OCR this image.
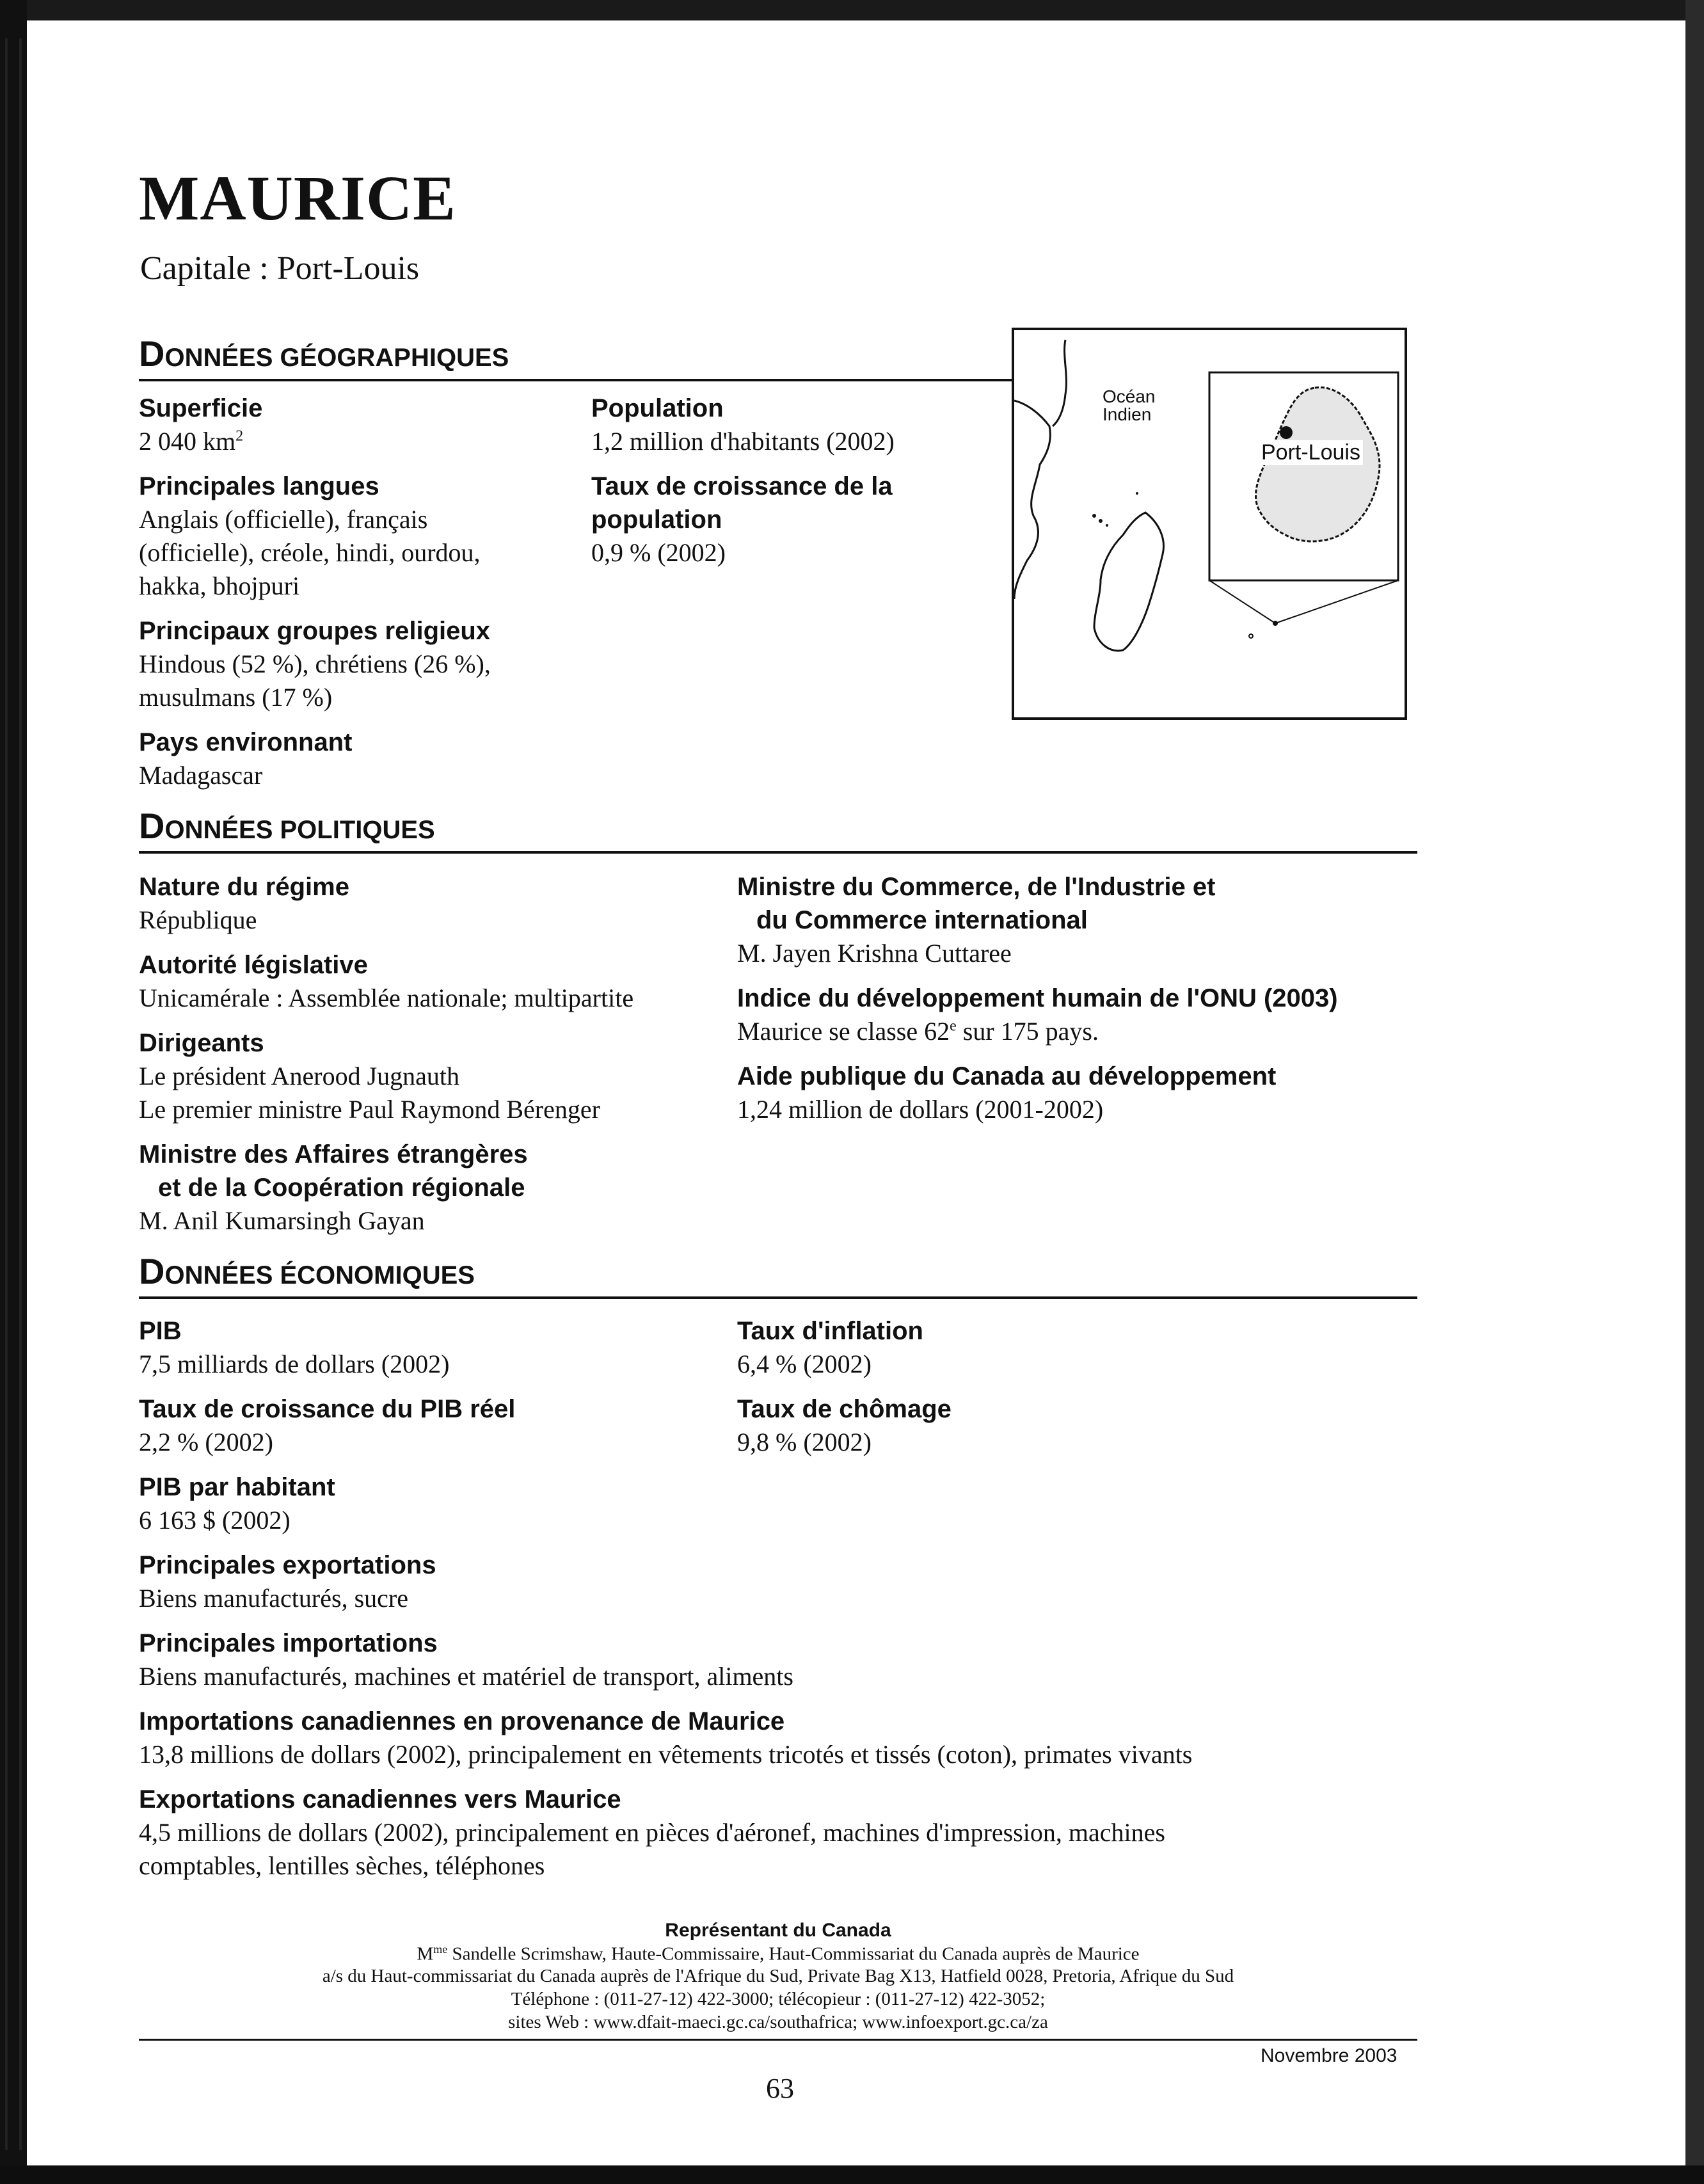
MAURICE
Capitale : Port-Louis
DONNÉES GÉOGRAPHIQUES
Superficie
2 040 $km^2$
Principales langues
Anglais (officielle), français
(officielle), créole, hindi, ourdou,
hakka, bhojpuri
Principaux groupes religieux
Hindous (52 %), chrétiens (26 %),
musulmans (17 %)
Pays environnant
Madagascar
Population
1,2 million d'habitants (2002)
Taux de croissance de la
population
0,9 % (2002)
Océan
Indien
Port-Louis
DONNÉES POLITIQUES
Nature du régime
République
Autorité législative
Unicamérale : Assemblée nationale; multipartite
Dirigeants
Le président Anerood Jugnauth
Le premier ministre Paul Raymond Bérenger
Ministre des Affaires étrangères
et de la Coopération régionale
M. Anil Kumarsingh Gayan
Ministre du Commerce, de l'Industrie et
du Commerce international
M. Jayen Krishna Cuttaree
Indice du développement humain de l'ONU (2003)
Maurice se classe 62e sur 175 pays.
Aide publique du Canada au développement
1,24 million de dollars (2001-2002)
DONNÉES ÉCONOMIQUES
PIB
7,5 milliards de dollars (2002)
Taux de croissance du PIB réel
2,2 % (2002)
PIB par habitant
6 163 $ (2002)
Principales exportations
Biens manufacturés, sucre
Principales importations
Biens manufacturés, machines et matériel de transport, aliments
Importations canadiennes en provenance de Maurice
13,8 millions de dollars (2002), principalement en vêtements tricotés et tissés (coton), primates vivants
Exportations canadiennes vers Maurice
4,5 millions de dollars (2002), principalement en pièces d'aéronef, machines d'impression, machines
comptables, lentilles sèches, téléphones
Taux d'inflation
6,4 % (2002)
Taux de chômage
9,8 % (2002)
Représentant du Canada
$M^{me}$ Sandelle Scrimshaw, Haute-Commissaire, Haut-Commissariat du Canada auprès de Maurice
a/s du Haut-commissariat du Canada auprès de l'Afrique du Sud, Private Bag X13, Hatfield 0028, Pretoria, Afrique du Sud
Téléphone : (011-27-12) 422-3000; télécopieur : (011-27-12) 422-3052;
sites Web : www.dfait-maeci.gc.ca/southafrica; www.infoexport.gc.ca/za
Novembre 2003
63
